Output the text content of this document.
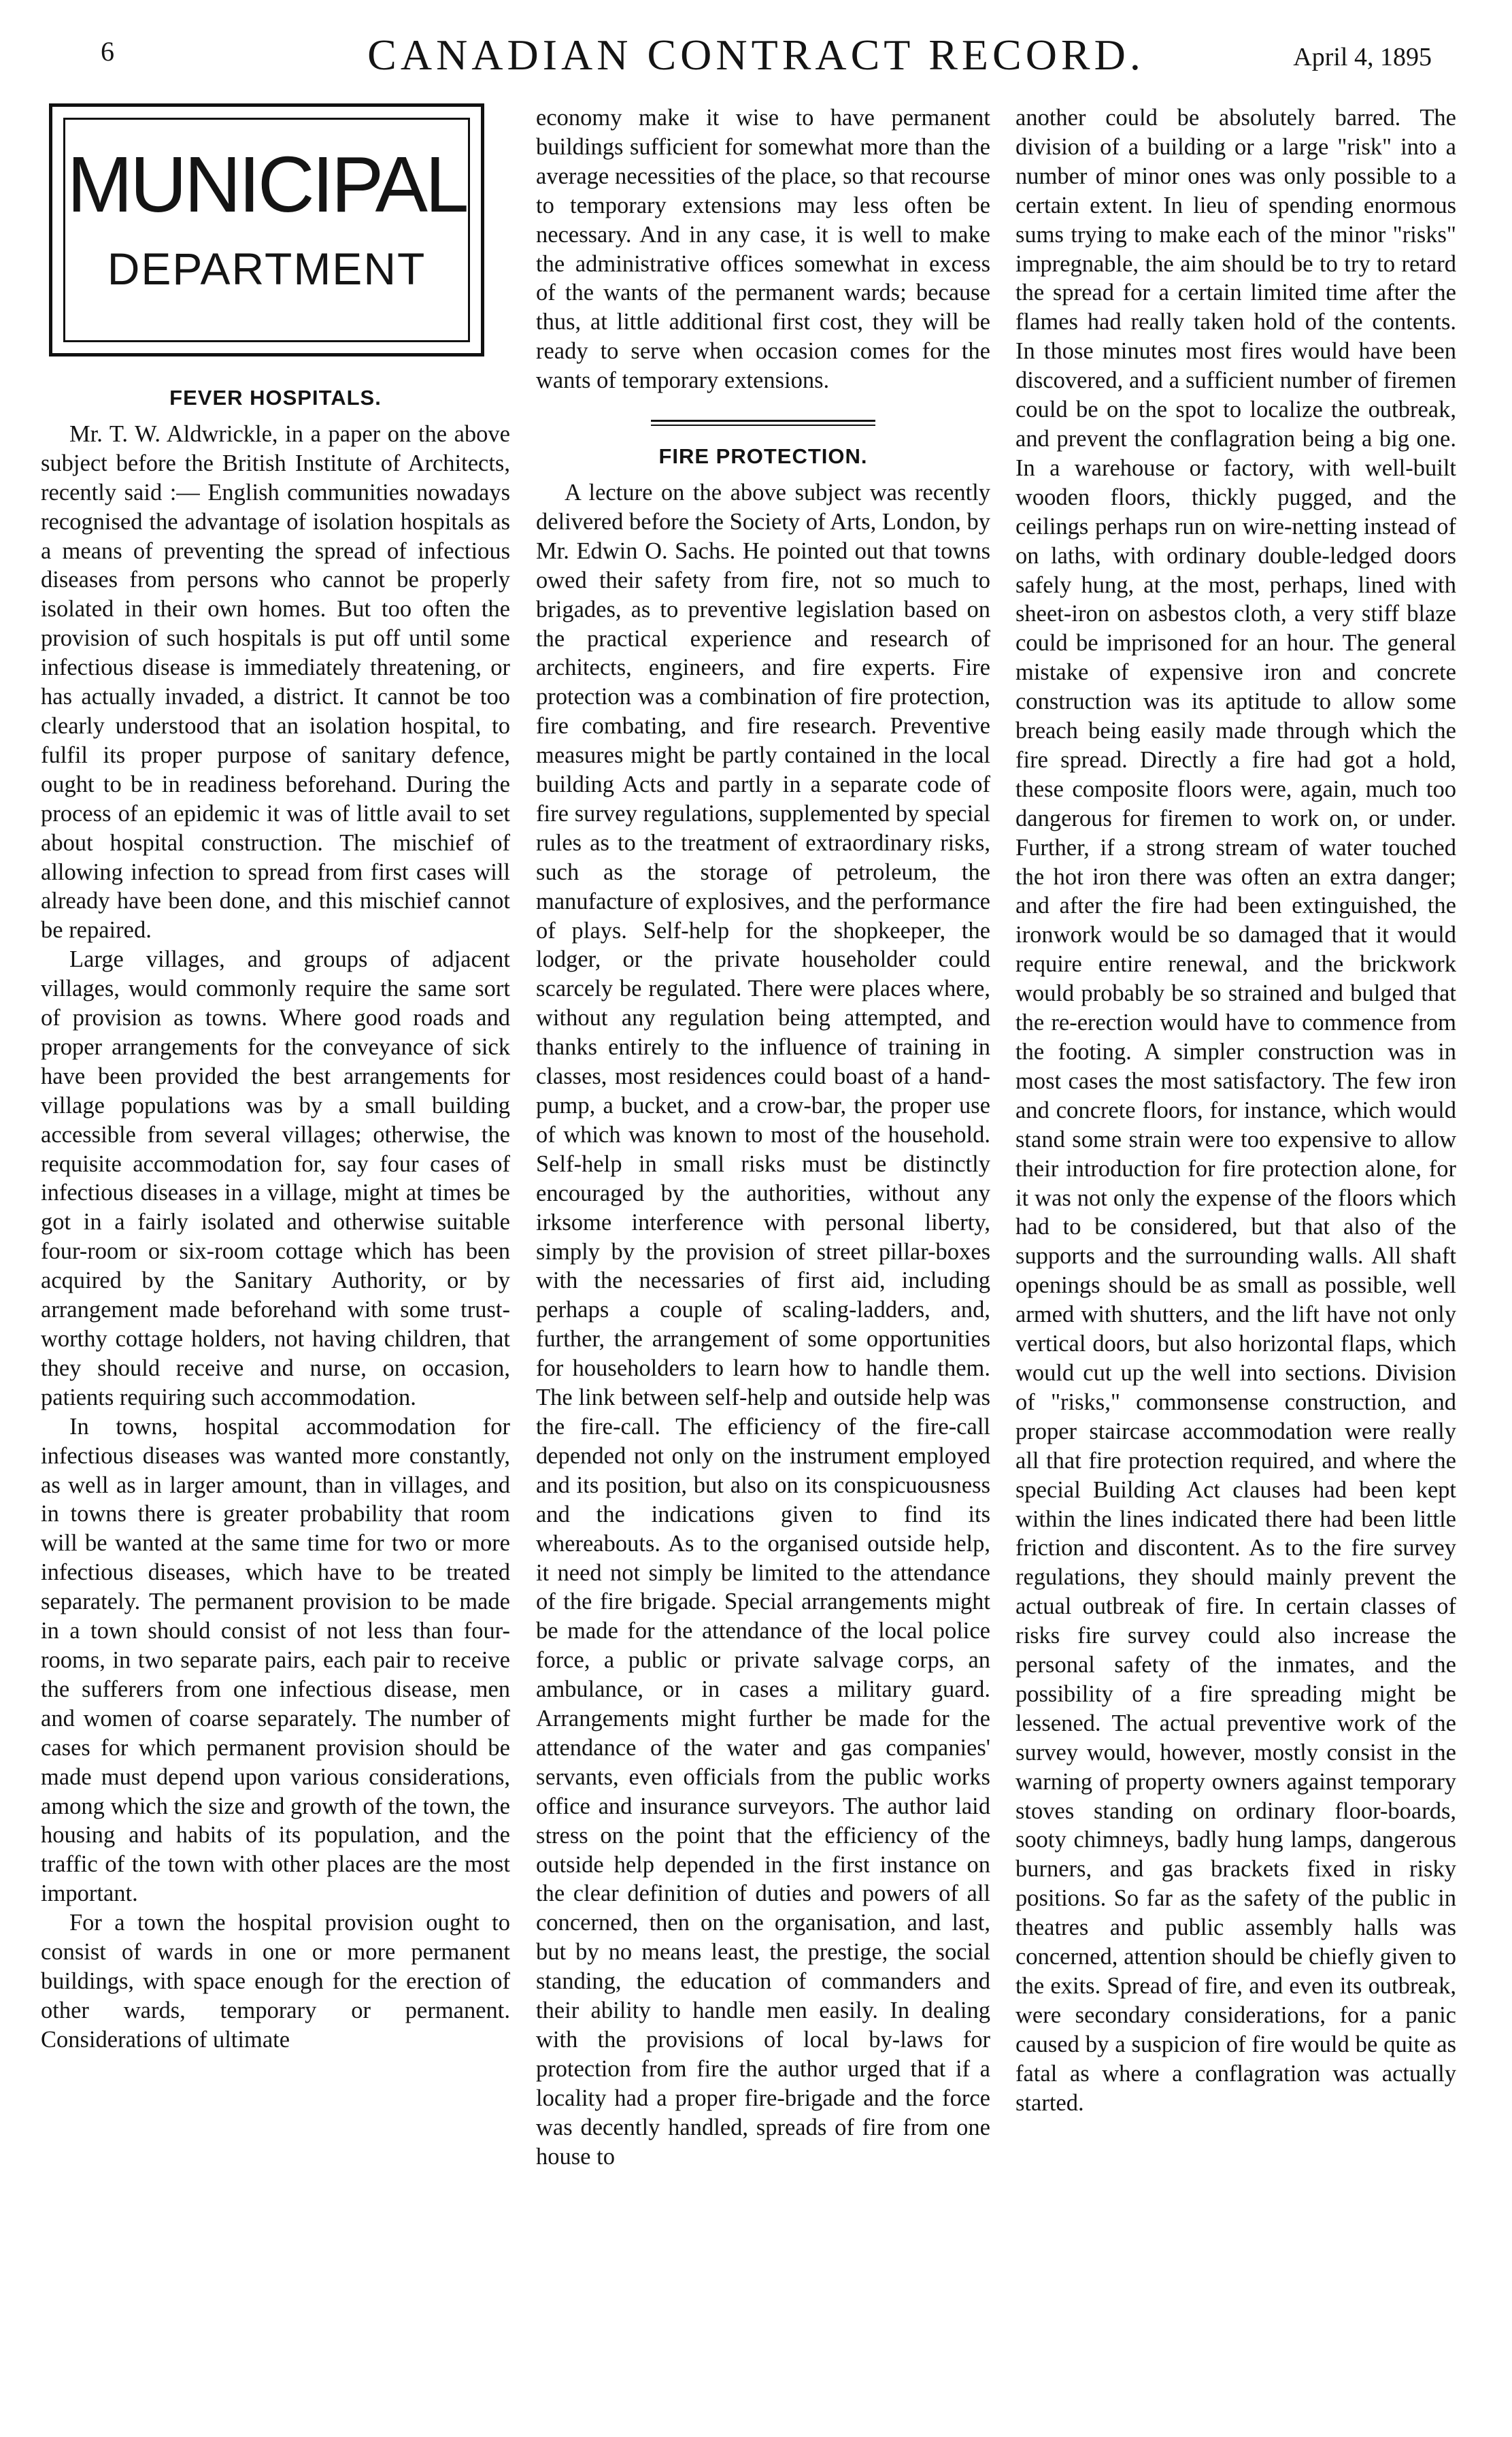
6	CANADIAN CONTRACT RECORD.	April 4, 1895
MUNICIPAL
DEPARTMENT
FEVER HOSPITALS.

Mr. T. W. Aldwrickle, in a paper on the above subject before the British Institute of Architects, recently said :— English communities nowadays recognised the advantage of isolation hospitals as a means of preventing the spread of infectious diseases from persons who cannot be properly isolated in their own homes. But too often the provision of such hospitals is put off until some infectious disease is immediately threatening, or has actually invaded, a district. It cannot be too clearly understood that an isolation hospital, to fulfil its proper purpose of sanitary defence, ought to be in readiness beforehand. During the process of an epidemic it was of little avail to set about hospital construction. The mischief of allowing infection to spread from first cases will already have been done, and this mischief cannot be repaired.

Large villages, and groups of adjacent villages, would commonly require the same sort of provision as towns. Where good roads and proper arrangements for the conveyance of sick have been provided the best arrangements for village populations was by a small building accessible from several villages; otherwise, the requisite accommodation for, say four cases of infectious diseases in a village, might at times be got in a fairly isolated and otherwise suitable four-room or six-room cottage which has been acquired by the Sanitary Authority, or by arrangement made beforehand with some trust-worthy cottage holders, not having children, that they should receive and nurse, on occasion, patients requiring such accommodation.

In towns, hospital accommodation for infectious diseases was wanted more constantly, as well as in larger amount, than in villages, and in towns there is greater probability that room will be wanted at the same time for two or more infectious diseases, which have to be treated separately. The permanent provision to be made in a town should consist of not less than four-rooms, in two separate pairs, each pair to receive the sufferers from one infectious disease, men and women of coarse separately. The number of cases for which permanent provision should be made must depend upon various considerations, among which the size and growth of the town, the housing and habits of its population, and the traffic of the town with other places are the most important.

For a town the hospital provision ought to consist of wards in one or more permanent buildings, with space enough for the erection of other wards, temporary or permanent. Considerations of ultimate

economy make it wise to have permanent buildings sufficient for somewhat more than the average necessities of the place, so that recourse to temporary extensions may less often be necessary. And in any case, it is well to make the administrative offices somewhat in excess of the wants of the permanent wards; because thus, at little additional first cost, they will be ready to serve when occasion comes for the wants of temporary extensions.

FIRE PROTECTION.

A lecture on the above subject was recently delivered before the Society of Arts, London, by Mr. Edwin O. Sachs. He pointed out that towns owed their safety from fire, not so much to brigades, as to preventive legislation based on the practical experience and research of architects, engineers, and fire experts. Fire protection was a combination of fire protection, fire combating, and fire research. Preventive measures might be partly contained in the local building Acts and partly in a separate code of fire survey regulations, supplemented by special rules as to the treatment of extraordinary risks, such as the storage of petroleum, the manufacture of explosives, and the performance of plays. Self-help for the shopkeeper, the lodger, or the private householder could scarcely be regulated. There were places where, without any regulation being attempted, and thanks entirely to the influence of training in classes, most residences could boast of a hand-pump, a bucket, and a crow-bar, the proper use of which was known to most of the household. Self-help in small risks must be distinctly encouraged by the authorities, without any irksome interference with personal liberty, simply by the provision of street pillar-boxes with the necessaries of first aid, including perhaps a couple of scaling-ladders, and, further, the arrangement of some opportunities for householders to learn how to handle them. The link between self-help and outside help was the fire-call. The efficiency of the fire-call depended not only on the instrument employed and its position, but also on its conspicuousness and the indications given to find its whereabouts. As to the organised outside help, it need not simply be limited to the attendance of the fire brigade. Special arrangements might be made for the attendance of the local police force, a public or private salvage corps, an ambulance, or in cases a military guard. Arrangements might further be made for the attendance of the water and gas companies' servants, even officials from the public works office and insurance surveyors. The author laid stress on the point that the efficiency of the outside help depended in the first instance on the clear definition of duties and powers of all concerned, then on the organisation, and last, but by no means least, the prestige, the social standing, the education of commanders and their ability to handle men easily. In dealing with the provisions of local by-laws for protection from fire the author urged that if a locality had a proper fire-brigade and the force was decently handled, spreads of fire from one house to

another could be absolutely barred. The division of a building or a large "risk" into a number of minor ones was only possible to a certain extent. In lieu of spending enormous sums trying to make each of the minor "risks" impregnable, the aim should be to try to retard the spread for a certain limited time after the flames had really taken hold of the contents. In those minutes most fires would have been discovered, and a sufficient number of firemen could be on the spot to localize the outbreak, and prevent the conflagration being a big one. In a warehouse or factory, with well-built wooden floors, thickly pugged, and the ceilings perhaps run on wire-netting instead of on laths, with ordinary double-ledged doors safely hung, at the most, perhaps, lined with sheet-iron on asbestos cloth, a very stiff blaze could be imprisoned for an hour. The general mistake of expensive iron and concrete construction was its aptitude to allow some breach being easily made through which the fire spread. Directly a fire had got a hold, these composite floors were, again, much too dangerous for firemen to work on, or under. Further, if a strong stream of water touched the hot iron there was often an extra danger; and after the fire had been extinguished, the ironwork would be so damaged that it would require entire renewal, and the brickwork would probably be so strained and bulged that the re-erection would have to commence from the footing. A simpler construction was in most cases the most satisfactory. The few iron and concrete floors, for instance, which would stand some strain were too expensive to allow their introduction for fire protection alone, for it was not only the expense of the floors which had to be considered, but that also of the supports and the surrounding walls. All shaft openings should be as small as possible, well armed with shutters, and the lift have not only vertical doors, but also horizontal flaps, which would cut up the well into sections. Division of "risks," commonsense construction, and proper staircase accommodation were really all that fire protection required, and where the special Building Act clauses had been kept within the lines indicated there had been little friction and discontent. As to the fire survey regulations, they should mainly prevent the actual outbreak of fire. In certain classes of risks fire survey could also increase the personal safety of the inmates, and the possibility of a fire spreading might be lessened. The actual preventive work of the survey would, however, mostly consist in the warning of property owners against temporary stoves standing on ordinary floor-boards, sooty chimneys, badly hung lamps, dangerous burners, and gas brackets fixed in risky positions. So far as the safety of the public in theatres and public assembly halls was concerned, attention should be chiefly given to the exits. Spread of fire, and even its outbreak, were secondary considerations, for a panic caused by a suspicion of fire would be quite as fatal as where a conflagration was actually started.
